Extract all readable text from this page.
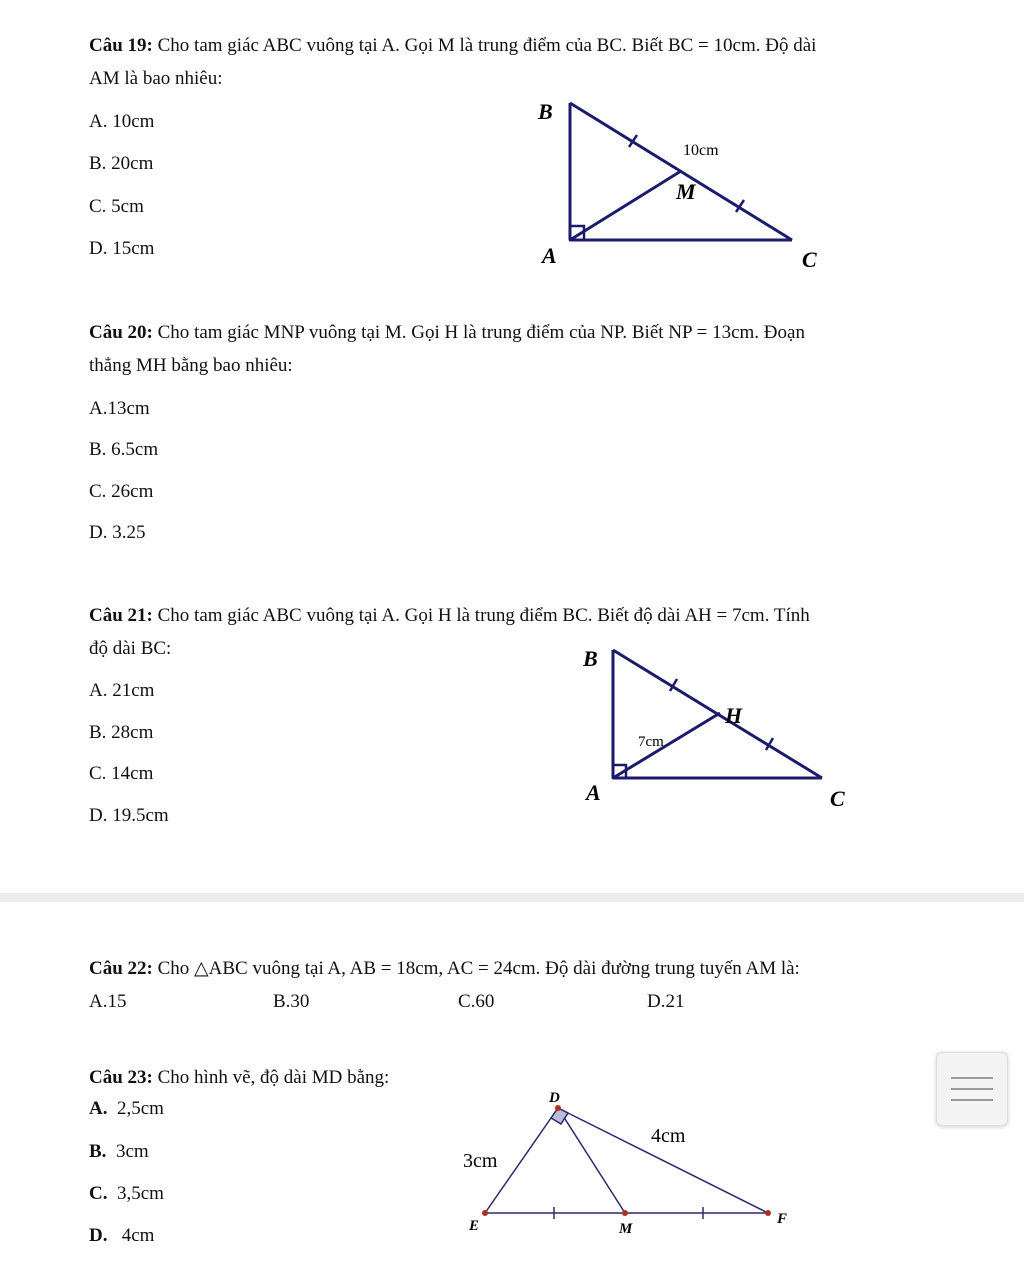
Câu 19: Cho tam giác ABC vuông tại A. Gọi M là trung điểm của BC. Biết BC = 10cm. Độ dài
AM là bao nhiêu:
A. 10cm
B. 20cm
C. 5cm
D. 15cm
B
A	C
M
10cm
Câu 20: Cho tam giác MNP vuông tại M. Gọi H là trung điểm của NP. Biết NP = 13cm. Đoạn
thẳng MH bằng bao nhiêu:
A.13cm
B. 6.5cm
C. 26cm
D. 3.25
Câu 21: Cho tam giác ABC vuông tại A. Gọi H là trung điểm BC. Biết độ dài AH = 7cm. Tính
độ dài BC:
A. 21cm
B. 28cm
C. 14cm
D. 19.5cm
B
A	C
H
7cm
Câu 22: Cho △ABC vuông tại A, AB = 18cm, AC = 24cm. Độ dài đường trung tuyến AM là:
A.15	B.30	C.60	D.21
Câu 23: Cho hình vẽ, độ dài MD bằng:
A. 2,5cm
B. 3cm
C. 3,5cm
D. 4cm
D
E	M
F
3cm
4cm
